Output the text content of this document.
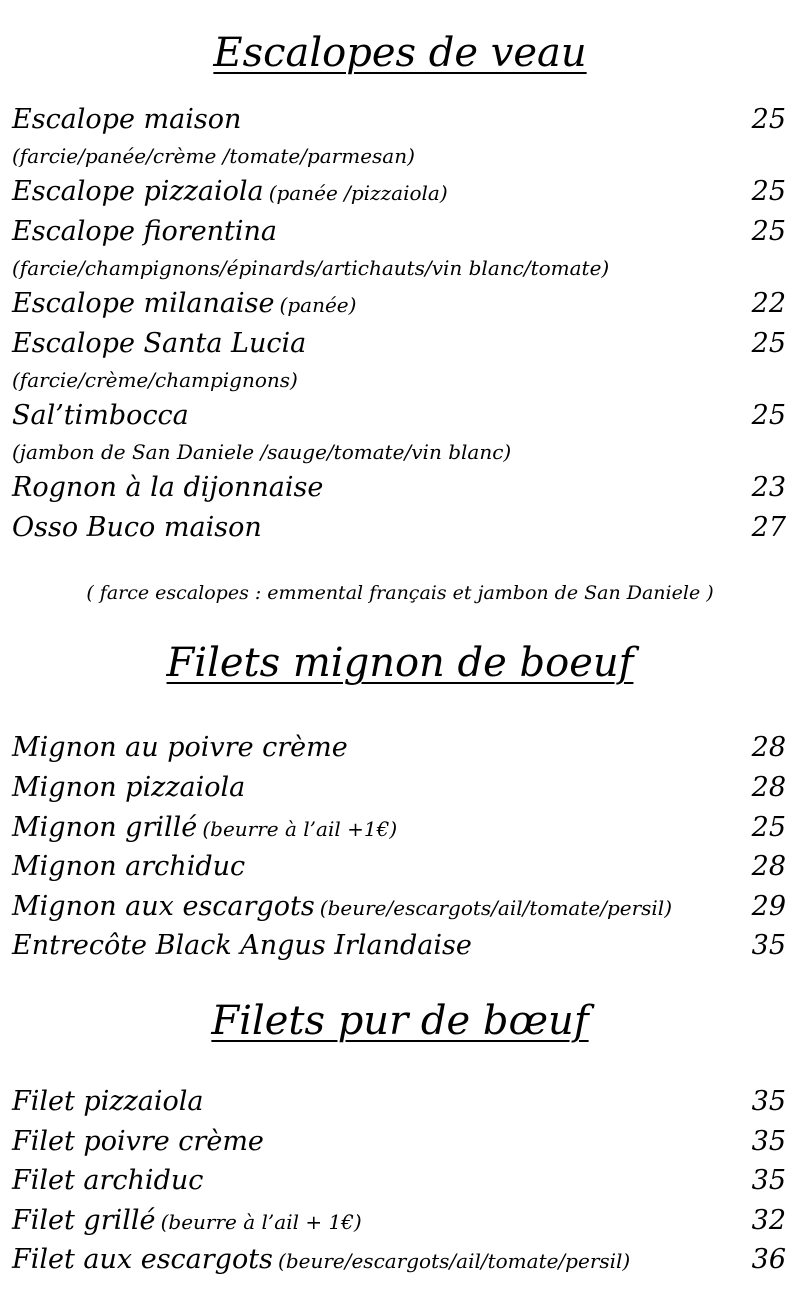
Escalopes de veau
Escalope maison	25
(farcie/panée/crème /tomate/parmesan)
Escalope pizzaiola (panée /pizzaiola)	25
Escalope fiorentina	25
(farcie/champignons/épinards/artichauts/vin blanc/tomate)
Escalope milanaise (panée)	22
Escalope Santa Lucia	25
(farcie/crème/champignons)
Sal’timbocca	25
(jambon de San Daniele /sauge/tomate/vin blanc)
Rognon à la dijonnaise	23
Osso Buco maison	27
( farce escalopes : emmental français et jambon de San Daniele )
Filets mignon de boeuf
Mignon au poivre crème	28
Mignon pizzaiola	28
Mignon grillé (beurre à l’ail +1€)	25
Mignon archiduc	28
Mignon aux escargots (beure/escargots/ail/tomate/persil)	29
Entrecôte Black Angus Irlandaise	35
Filets pur de bœuf
Filet pizzaiola	35
Filet poivre crème	35
Filet archiduc	35
Filet grillé (beurre à l’ail + 1€)	32
Filet aux escargots (beure/escargots/ail/tomate/persil)	36
